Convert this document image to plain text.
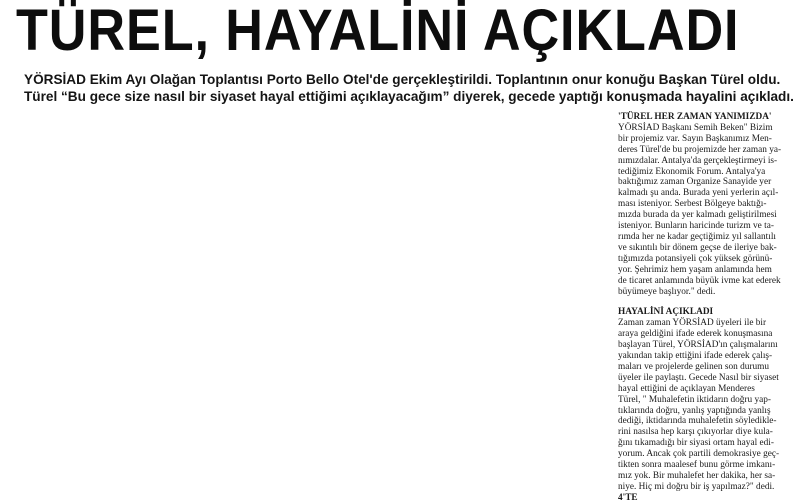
TÜREL, HAYALİNİ AÇIKLADI

YÖRSİAD Ekim Ayı Olağan Toplantısı Porto Bello Otel'de gerçekleştirildi. Toplantının onur konuğu Başkan Türel oldu.

Türel “Bu gece size nasıl bir siyaset hayal ettiğimi açıklayacağım” diyerek, gecede yaptığı konuşmada hayalini açıkladı.

'TÜREL HER ZAMAN YANIMIZDA'

YÖRSİAD Başkanı Semih Beken" Bizim

bir projemiz var. Sayın Başkanımız Men-

deres Türel'de bu projemizde her zaman ya-

nımızdalar. Antalya'da gerçekleştirmeyi is-

tediğimiz Ekonomik Forum. Antalya'ya

baktığımız zaman Organize Sanayide yer

kalmadı şu anda. Burada yeni yerlerin açıl-

ması isteniyor. Serbest Bölgeye baktığı-

mızda burada da yer kalmadı geliştirilmesi

isteniyor. Bunların haricinde turizm ve ta-

rımda her ne kadar geçtiğimiz yıl sallantılı

ve sıkıntılı bir dönem geçse de ileriye bak-

tığımızda potansiyeli çok yüksek görünü-

yor. Şehrimiz hem yaşam anlamında hem

de ticaret anlamında büyük ivme kat ederek

büyümeye başlıyor." dedi.

HAYALİNİ AÇIKLADI

Zaman zaman YÖRSİAD üyeleri ile bir

araya geldiğini ifade ederek konuşmasına

başlayan Türel, YÖRSİAD'ın çalışmalarını

yakından takip ettiğini ifade ederek çalış-

maları ve projelerde gelinen son durumu

üyeler ile paylaştı. Gecede Nasıl bir siyaset

hayal ettiğini de açıklayan Menderes

Türel, " Muhalefetin iktidarın doğru yap-

tıklarında doğru, yanlış yaptığında yanlış

dediği, iktidarında muhalefetin söyledikle-

rini nasılsa hep karşı çıkıyorlar diye kula-

ğını tıkamadığı bir siyasi ortam hayal edi-

yorum. Ancak çok partili demokrasiye geç-

tikten sonra maalesef bunu görme imkanı-

mız yok. Bir muhalefet her dakika, her sa-

niye. Hiç mi doğru bir iş yapılmaz?" dedi.

4'TE
